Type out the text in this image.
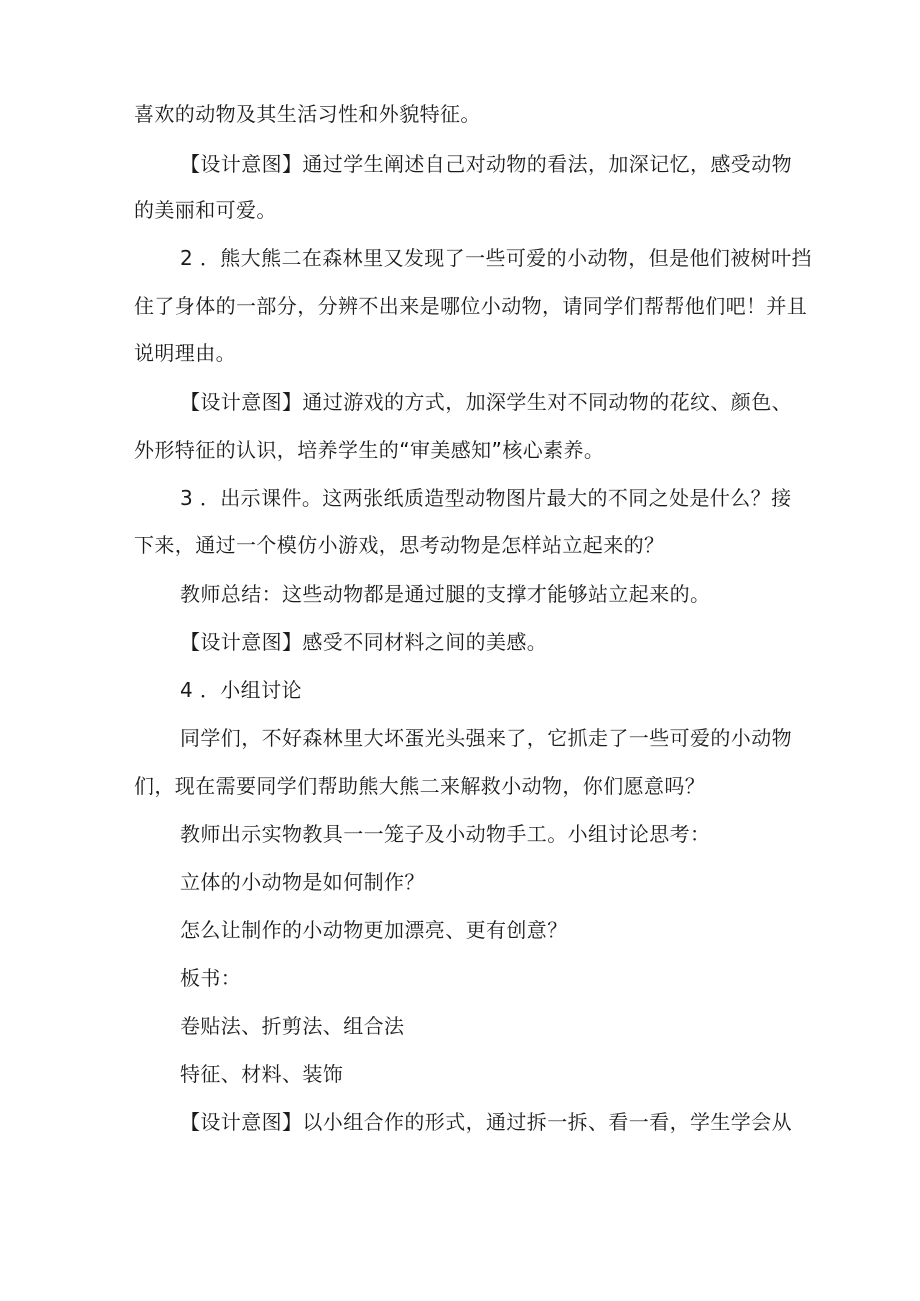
喜欢的动物及其生活习性和外貌特征。
【设计意图】通过学生阐述自己对动物的看法，加深记忆，感受动物
的美丽和可爱。
2 ．熊大熊二在森林里又发现了一些可爱的小动物，但是他们被树叶挡
住了身体的一部分，分辨不出来是哪位小动物，请同学们帮帮他们吧！并且
说明理由。
【设计意图】通过游戏的方式，加深学生对不同动物的花纹、颜色、
外形特征的认识，培养学生的“审美感知”核心素养。
3 ．出示课件。这两张纸质造型动物图片最大的不同之处是什么？接
下来，通过一个模仿小游戏，思考动物是怎样站立起来的？
教师总结：这些动物都是通过腿的支撑才能够站立起来的。
【设计意图】感受不同材料之间的美感。
4 ．小组讨论
同学们，不好森林里大坏蛋光头强来了，它抓走了一些可爱的小动物
们，现在需要同学们帮助熊大熊二来解救小动物，你们愿意吗？
教师出示实物教具一一笼子及小动物手工。小组讨论思考：
立体的小动物是如何制作？
怎么让制作的小动物更加漂亮、更有创意？
板书：
卷贴法、折剪法、组合法
特征、材料、装饰
【设计意图】以小组合作的形式，通过拆一拆、看一看，学生学会从
